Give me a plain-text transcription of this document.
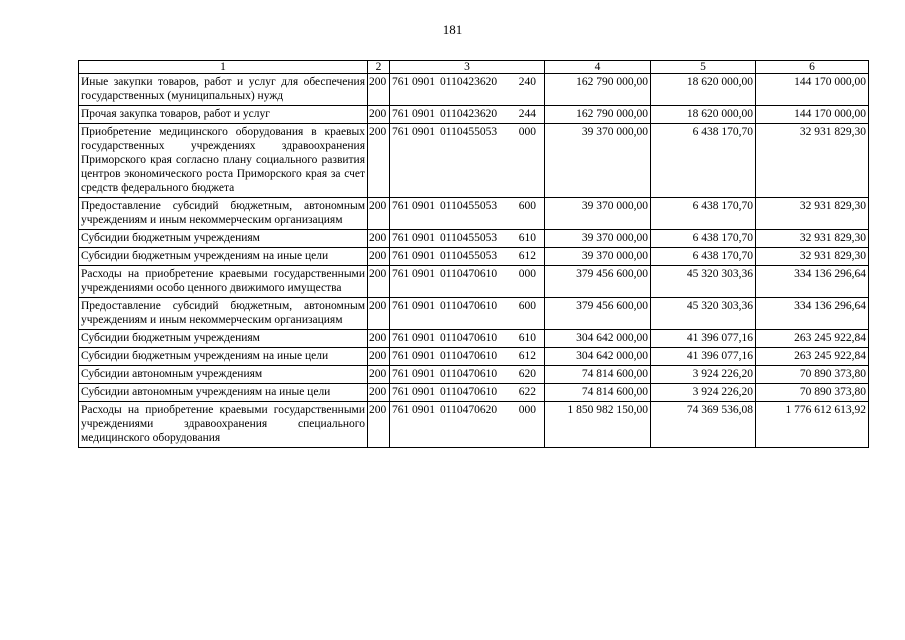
181
1	2	3	4	5	6
Иные закупки товаров, работ и услуг для обеспечения государственных (муниципальных) нужд	200	761 0901 0110423620 240	162 790 000,00	18 620 000,00	144 170 000,00
Прочая закупка товаров, работ и услуг	200	761 0901 0110423620 244	162 790 000,00	18 620 000,00	144 170 000,00
Приобретение медицинского оборудования в краевых государственных учреждениях здравоохранения Приморского края согласно плану социального развития центров экономического роста Приморского края за счет средств федерального бюджета	200	761 0901 0110455053 000	39 370 000,00	6 438 170,70	32 931 829,30
Предоставление субсидий бюджетным, автономным учреждениям и иным некоммерческим организациям	200	761 0901 0110455053 600	39 370 000,00	6 438 170,70	32 931 829,30
Субсидии бюджетным учреждениям	200	761 0901 0110455053 610	39 370 000,00	6 438 170,70	32 931 829,30
Субсидии бюджетным учреждениям на иные цели	200	761 0901 0110455053 612	39 370 000,00	6 438 170,70	32 931 829,30
Расходы на приобретение краевыми государственными учреждениями особо ценного движимого имущества	200	761 0901 0110470610 000	379 456 600,00	45 320 303,36	334 136 296,64
Предоставление субсидий бюджетным, автономным учреждениям и иным некоммерческим организациям	200	761 0901 0110470610 600	379 456 600,00	45 320 303,36	334 136 296,64
Субсидии бюджетным учреждениям	200	761 0901 0110470610 610	304 642 000,00	41 396 077,16	263 245 922,84
Субсидии бюджетным учреждениям на иные цели	200	761 0901 0110470610 612	304 642 000,00	41 396 077,16	263 245 922,84
Субсидии автономным учреждениям	200	761 0901 0110470610 620	74 814 600,00	3 924 226,20	70 890 373,80
Субсидии автономным учреждениям на иные цели	200	761 0901 0110470610 622	74 814 600,00	3 924 226,20	70 890 373,80
Расходы на приобретение краевыми государственными учреждениями здравоохранения специального медицинского оборудования	200	761 0901 0110470620 000	1 850 982 150,00	74 369 536,08	1 776 612 613,92
